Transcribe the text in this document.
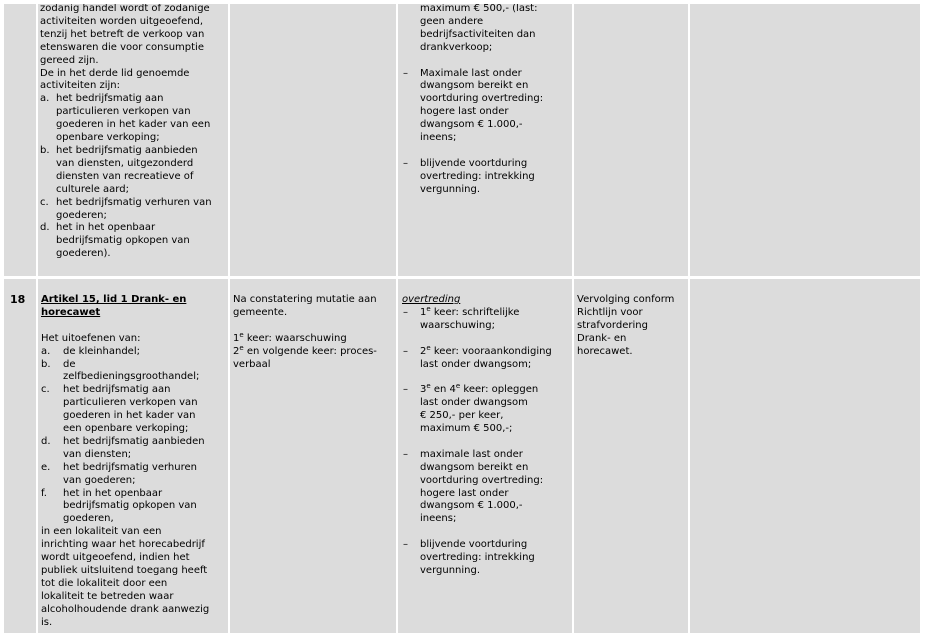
zodanig handel wordt of zodanige

activiteiten worden uitgeoefend,

tenzij het betreft de verkoop van

etenswaren die voor consumptie

gereed zijn.

De in het derde lid genoemde

activiteiten zijn:

a. het bedrijfsmatig aan

particulieren verkopen van

goederen in het kader van een

openbare verkoping;

b. het bedrijfsmatig aanbieden

van diensten, uitgezonderd

diensten van recreatieve of

culturele aard;

c. het bedrijfsmatig verhuren van

goederen;

d. het in het openbaar

bedrijfsmatig opkopen van

goederen).

maximum € 500,- (last:

geen andere

bedrijfsactiviteiten dan

drankverkoop;

– Maximale last onder

dwangsom bereikt en

voortduring overtreding:

hogere last onder

dwangsom € 1.000,-

ineens;

– blijvende voortduring

overtreding: intrekking

vergunning.

18 Artikel 15, lid 1 Drank- en

horecawet

Het uitoefenen van:

a. de kleinhandel;

b. de

zelfbedieningsgroothandel;

c. het bedrijfsmatig aan

particulieren verkopen van

goederen in het kader van

een openbare verkoping;

d. het bedrijfsmatig aanbieden

van diensten;

e. het bedrijfsmatig verhuren

van goederen;

f. het in het openbaar

bedrijfsmatig opkopen van

goederen,

in een lokaliteit van een

inrichting waar het horecabedrijf

wordt uitgeoefend, indien het

publiek uitsluitend toegang heeft

tot die lokaliteit door een

lokaliteit te betreden waar

alcoholhoudende drank aanwezig

is.

Na constatering mutatie aan

gemeente.

1e keer: waarschuwing

2e en volgende keer: proces-

verbaal

overtreding

– 1e keer: schriftelijke

waarschuwing;

– 2e keer: vooraankondiging

last onder dwangsom;

– 3e en 4e keer: opleggen

last onder dwangsom

€ 250,- per keer,

maximum € 500,-;

– maximale last onder

dwangsom bereikt en

voortduring overtreding:

hogere last onder

dwangsom € 1.000,-

ineens;

– blijvende voortduring

overtreding: intrekking

vergunning.

Vervolging conform

Richtlijn voor

strafvordering

Drank- en

horecawet.
